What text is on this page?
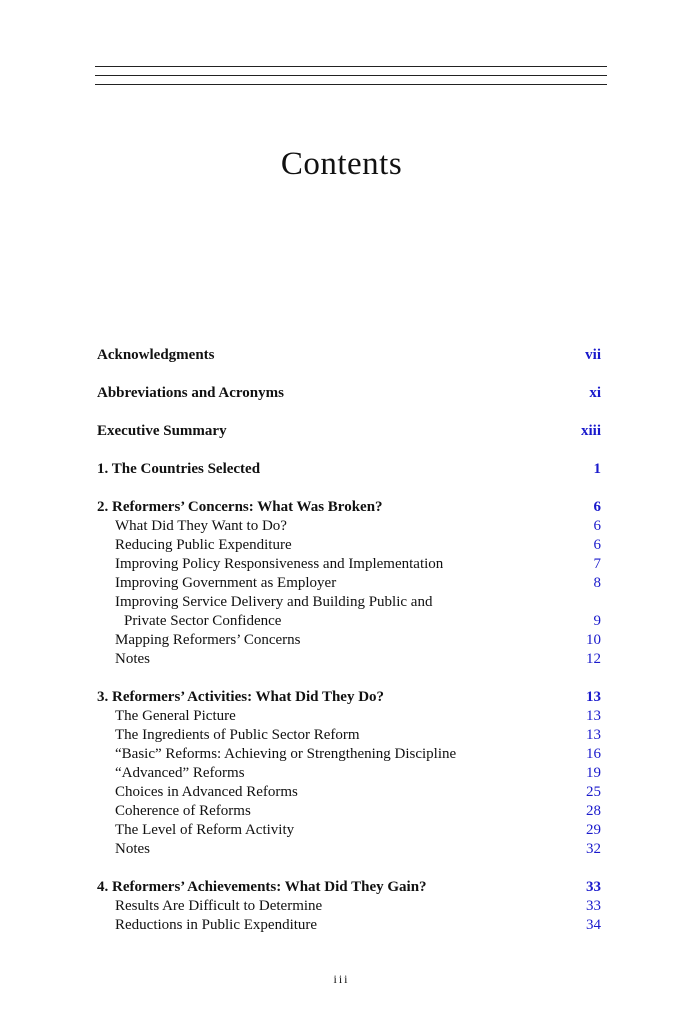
Contents
Acknowledgments	vii
Abbreviations and Acronyms	xi
Executive Summary	xiii
1. The Countries Selected	1
2. Reformers’ Concerns: What Was Broken?	6
What Did They Want to Do?	6
Reducing Public Expenditure	6
Improving Policy Responsiveness and Implementation	7
Improving Government as Employer	8
Improving Service Delivery and Building Public and
Private Sector Confidence	9
Mapping Reformers’ Concerns	10
Notes	12
3. Reformers’ Activities: What Did They Do?	13
The General Picture	13
The Ingredients of Public Sector Reform	13
“Basic” Reforms: Achieving or Strengthening Discipline	16
“Advanced” Reforms	19
Choices in Advanced Reforms	25
Coherence of Reforms	28
The Level of Reform Activity	29
Notes	32
4. Reformers’ Achievements: What Did They Gain?	33
Results Are Difficult to Determine	33
Reductions in Public Expenditure	34
iii
